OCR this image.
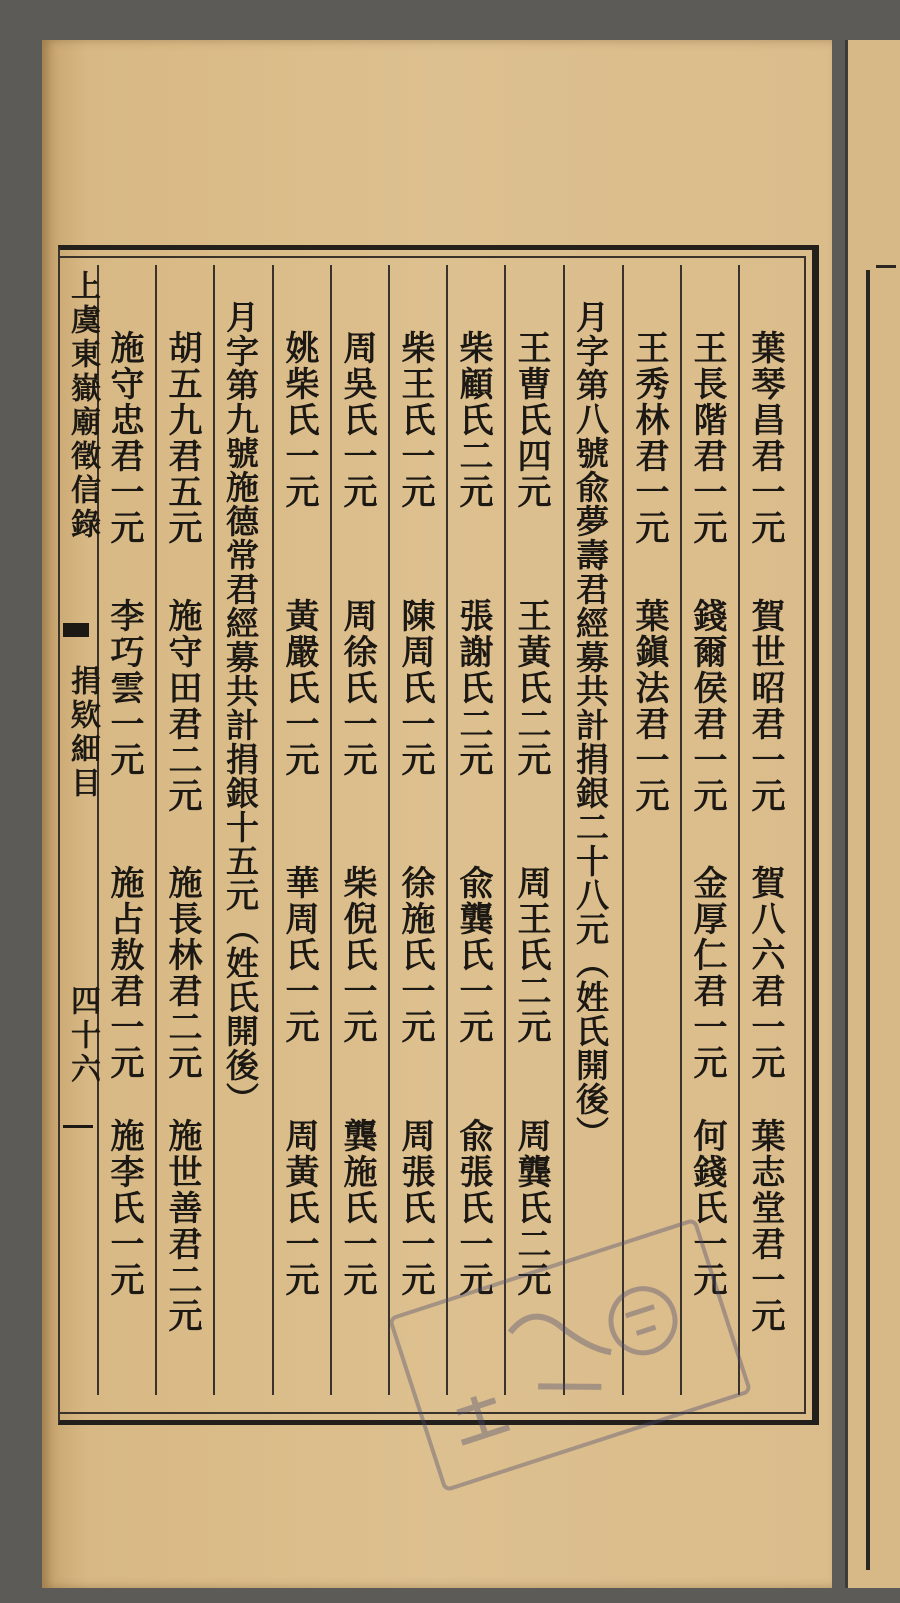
上虞東嶽廟徵信錄
捐欵細目
四十六
葉琴昌君一元
賀世昭君一元
賀八六君一元
葉志堂君一元
王長階君一元
錢爾侯君一元
金厚仁君一元
何錢氏一元
王秀林君一元
葉鎭法君一元
月字第八號兪夢壽君經募共計捐銀二十八元（姓氏開後）
王曹氏四元
王黃氏二元
周王氏二元
周龔氏二元
柴顧氏二元
張謝氏二元
兪龔氏一元
兪張氏一元
柴王氏一元
陳周氏一元
徐施氏一元
周張氏一元
周吳氏一元
周徐氏一元
柴倪氏一元
龔施氏一元
姚柴氏一元
黃嚴氏一元
華周氏一元
周黃氏一元
月字第九號施德常君經募共計捐銀十五元（姓氏開後）
胡五九君五元
施守田君二元
施長林君二元
施世善君二元
施守忠君一元
李巧雲一元
施占敖君一元
施李氏一元
